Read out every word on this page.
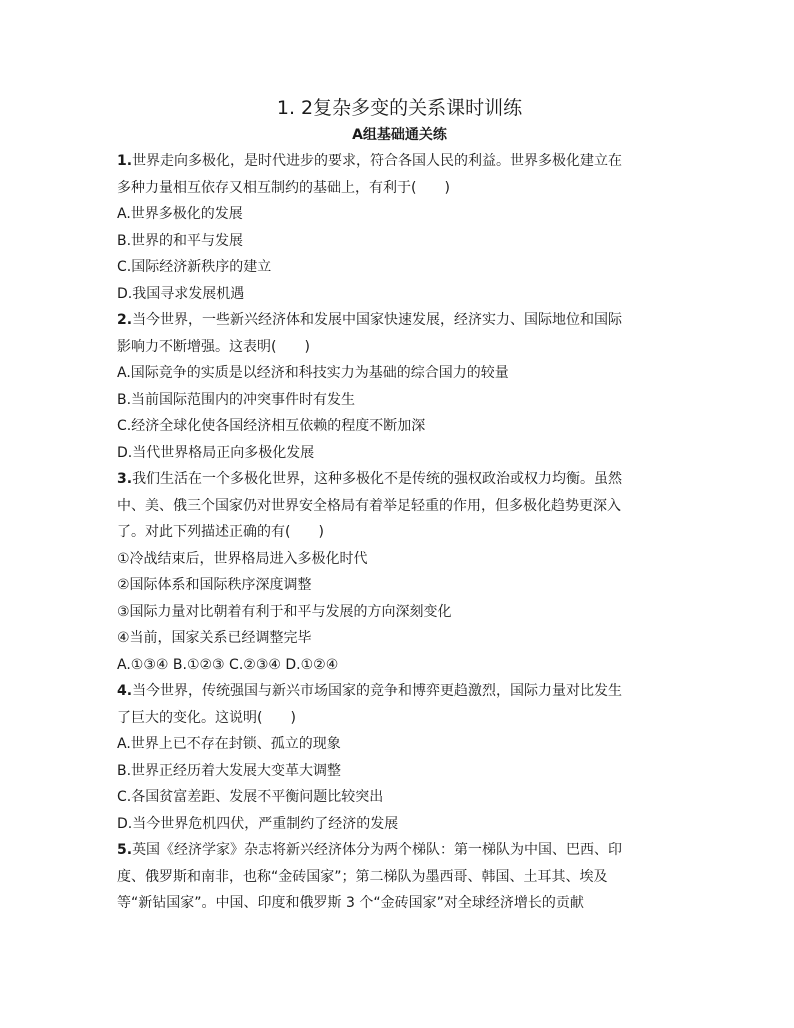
1. 2复杂多变的关系课时训练
A组基础通关练
1.世界走向多极化，是时代进步的要求，符合各国人民的利益。世界多极化建立在
多种力量相互依存又相互制约的基础上，有利于(　　)
A.世界多极化的发展
B.世界的和平与发展
C.国际经济新秩序的建立
D.我国寻求发展机遇
2.当今世界，一些新兴经济体和发展中国家快速发展，经济实力、国际地位和国际
影响力不断增强。这表明(　　)
A.国际竞争的实质是以经济和科技实力为基础的综合国力的较量
B.当前国际范围内的冲突事件时有发生
C.经济全球化使各国经济相互依赖的程度不断加深
D.当代世界格局正向多极化发展
3.我们生活在一个多极化世界，这种多极化不是传统的强权政治或权力均衡。虽然
中、美、俄三个国家仍对世界安全格局有着举足轻重的作用，但多极化趋势更深入
了。对此下列描述正确的有(　　)
①冷战结束后，世界格局进入多极化时代
②国际体系和国际秩序深度调整
③国际力量对比朝着有利于和平与发展的方向深刻变化
④当前，国家关系已经调整完毕
A.①③④ B.①②③ C.②③④ D.①②④
4.当今世界，传统强国与新兴市场国家的竞争和博弈更趋激烈，国际力量对比发生
了巨大的变化。这说明(　　)
A.世界上已不存在封锁、孤立的现象
B.世界正经历着大发展大变革大调整
C.各国贫富差距、发展不平衡问题比较突出
D.当今世界危机四伏，严重制约了经济的发展
5.英国《经济学家》杂志将新兴经济体分为两个梯队：第一梯队为中国、巴西、印
度、俄罗斯和南非，也称“金砖国家”；第二梯队为墨西哥、韩国、土耳其、埃及
等“新钻国家”。中国、印度和俄罗斯 3 个“金砖国家”对全球经济增长的贡献
